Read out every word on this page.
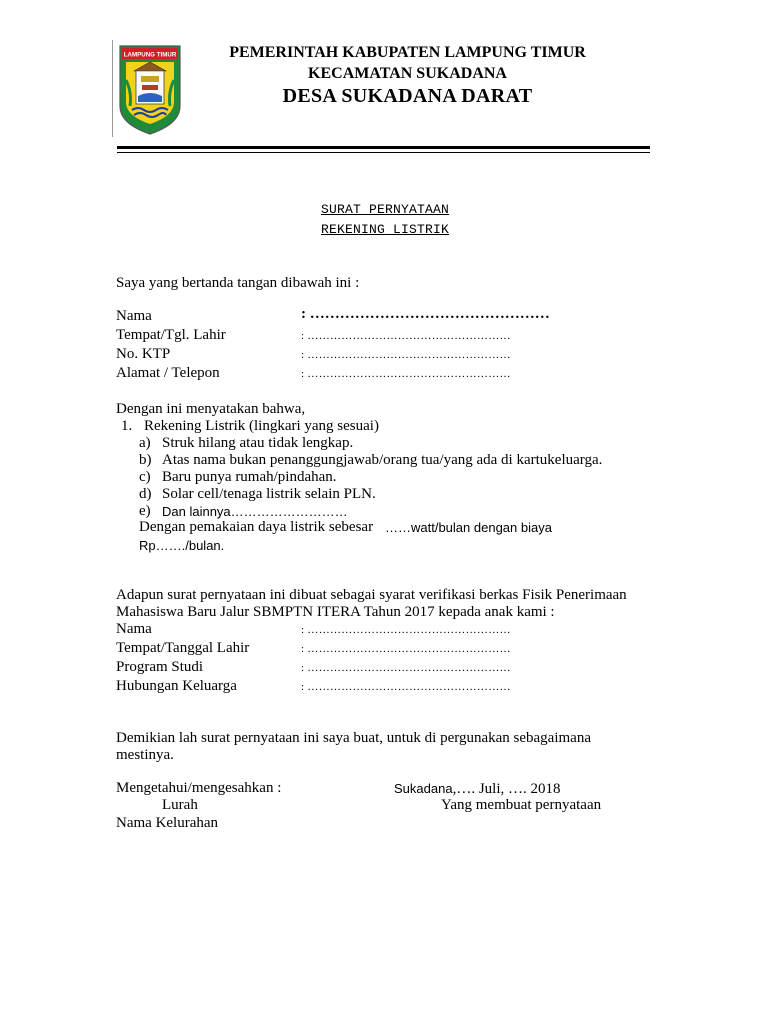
LAMPUNG TIMUR	PEMERINTAH KABUPATEN LAMPUNG TIMUR
KECAMATAN SUKADANA
DESA SUKADANA DARAT
SURAT PERNYATAAN
REKENING LISTRIK
Saya yang bertanda tangan dibawah ini :
Nama	: …………………………………………
Tempat/Tgl. Lahir	: ………………………………………………
No. KTP	: ………………………………………………
Alamat / Telepon	: ………………………………………………
Dengan ini menyatakan bahwa,
1. Rekening Listrik (lingkari yang sesuai)
a) Struk hilang atau tidak lengkap.
b) Atas nama bukan penanggungjawab/orang tua/yang ada di kartukeluarga.
c) Baru punya rumah/pindahan.
d) Solar cell/tenaga listrik selain PLN.
e) Dan lainnya………………………
Dengan pemakaian daya listrik sebesar ……watt/bulan dengan biaya
Rp……./bulan.
Adapun surat pernyataan ini dibuat sebagai syarat verifikasi berkas Fisik Penerimaan
Mahasiswa Baru Jalur SBMPTN ITERA Tahun 2017 kepada anak kami :
Nama	: ………………………………………………
Tempat/Tanggal Lahir	: ………………………………………………
Program Studi	: ………………………………………………
Hubungan Keluarga	: ………………………………………………
Demikian lah surat pernyataan ini saya buat, untuk di pergunakan sebagaimana
mestinya.
Mengetahui/mengesahkan :
Lurah
Nama Kelurahan
Sukadana,…. Juli, …. 2018
Yang membuat pernyataan
